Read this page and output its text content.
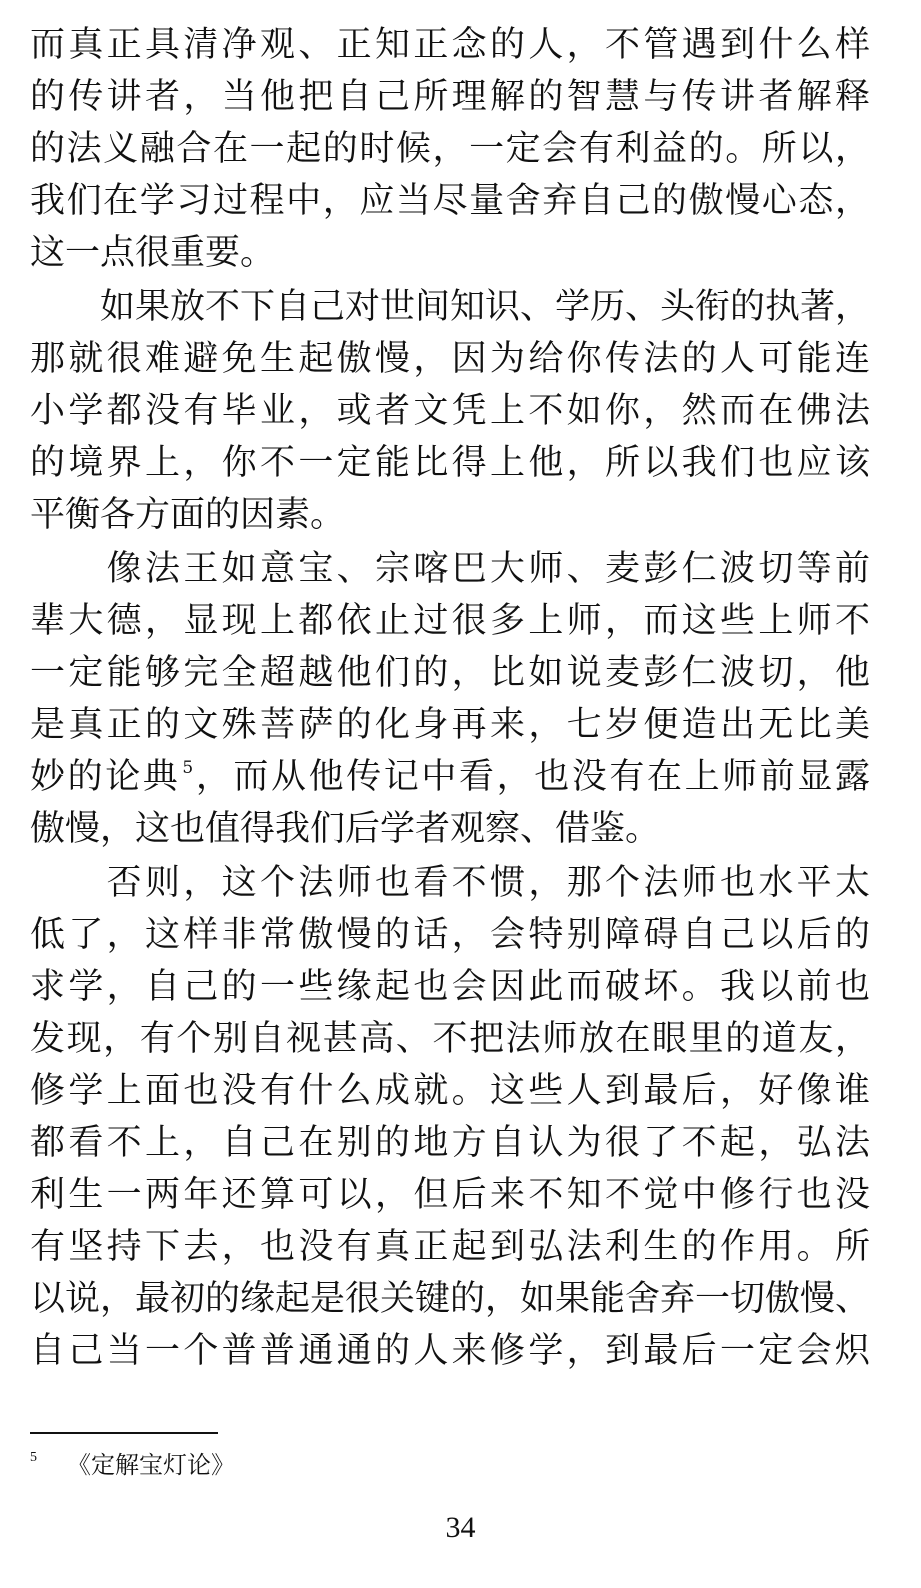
而真正具清净观、正知正念的人，不管遇到什么样
的传讲者，当他把自己所理解的智慧与传讲者解释
的法义融合在一起的时候，一定会有利益的。所以，
我们在学习过程中，应当尽量舍弃自己的傲慢心态，
这一点很重要。
　　如果放不下自己对世间知识、学历、头衔的执著，
那就很难避免生起傲慢，因为给你传法的人可能连
小学都没有毕业，或者文凭上不如你，然而在佛法
的境界上，你不一定能比得上他，所以我们也应该
平衡各方面的因素。
　　像法王如意宝、宗喀巴大师、麦彭仁波切等前
辈大德，显现上都依止过很多上师，而这些上师不
一定能够完全超越他们的，比如说麦彭仁波切，他
是真正的文殊菩萨的化身再来，七岁便造出无比美
妙的论典 $^5$，而从他传记中看，也没有在上师前显露
傲慢，这也值得我们后学者观察、借鉴。
　　否则，这个法师也看不惯，那个法师也水平太
低了，这样非常傲慢的话，会特别障碍自己以后的
求学，自己的一些缘起也会因此而破坏。我以前也
发现，有个别自视甚高、不把法师放在眼里的道友，
修学上面也没有什么成就。这些人到最后，好像谁
都看不上，自己在别的地方自认为很了不起，弘法
利生一两年还算可以，但后来不知不觉中修行也没
有坚持下去，也没有真正起到弘法利生的作用。所
以说，最初的缘起是很关键的，如果能舍弃一切傲慢、
自己当一个普普通通的人来修学，到最后一定会炽
$^5$ 《定解宝灯论》
34
